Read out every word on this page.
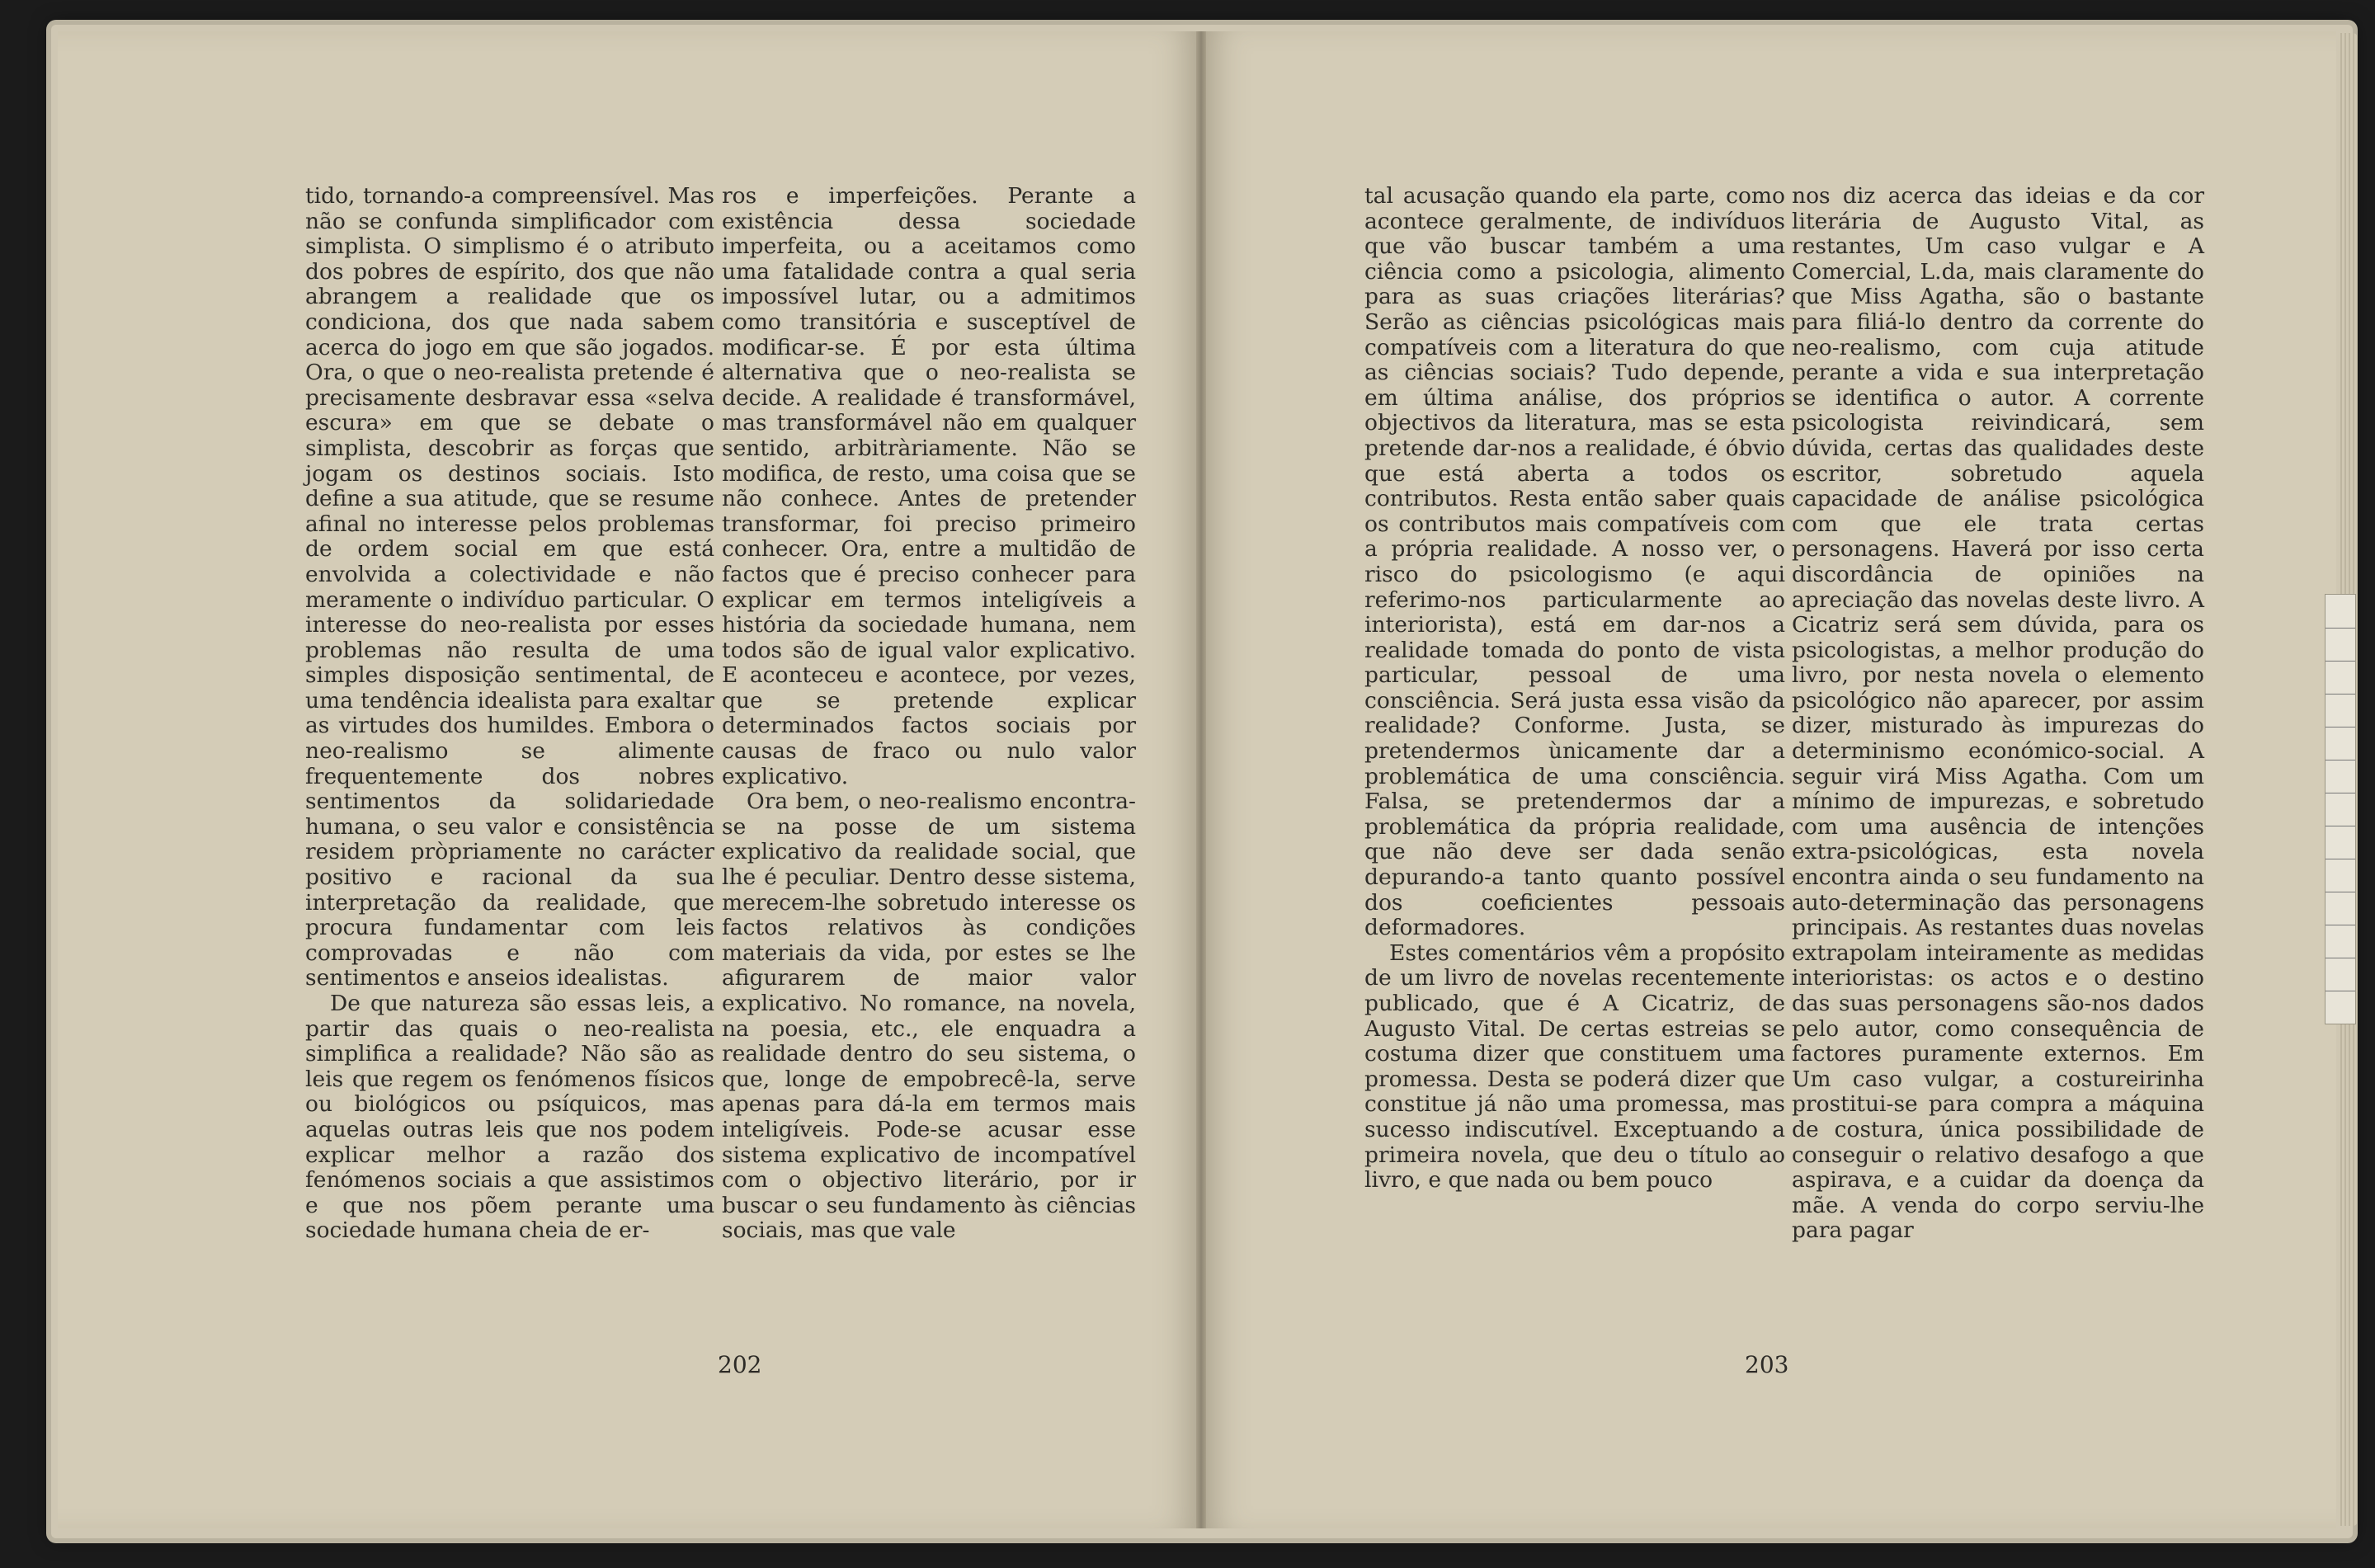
tido, tornando-a compreensível. Mas não se confunda simplificador com simplista. O simplismo é o atributo dos pobres de espírito, dos que não abrangem a realidade que os condiciona, dos que nada sabem acerca do jogo em que são jogados. Ora, o que o neo-realista pretende é precisamente desbravar essa «selva escura» em que se debate o simplista, descobrir as forças que jogam os destinos sociais. Isto define a sua atitude, que se resume afinal no interesse pelos problemas de ordem social em que está envolvida a colectividade e não meramente o indivíduo particular. O interesse do neo-realista por esses problemas não resulta de uma simples disposição sentimental, de uma tendência idealista para exaltar as virtudes dos humildes. Embora o neo-realismo se alimente frequentemente dos nobres sentimentos da solidariedade humana, o seu valor e consistência residem pròpriamente no carácter positivo e racional da sua interpretação da realidade, que procura fundamentar com leis comprovadas e não com sentimentos e anseios idealistas.

De que natureza são essas leis, a partir das quais o neo-realista simplifica a realidade? Não são as leis que regem os fenómenos físicos ou biológicos ou psíquicos, mas aquelas outras leis que nos podem explicar melhor a razão dos fenómenos sociais a que assistimos e que nos põem perante uma sociedade humana cheia de er-

ros e imperfeições. Perante a existência dessa sociedade imperfeita, ou a aceitamos como uma fatalidade contra a qual seria impossível lutar, ou a admitimos como transitória e susceptível de modificar-se. É por esta última alternativa que o neo-realista se decide. A realidade é transformável, mas transformável não em qualquer sentido, arbitràriamente. Não se modifica, de resto, uma coisa que se não conhece. Antes de pretender transformar, foi preciso primeiro conhecer. Ora, entre a multidão de factos que é preciso conhecer para explicar em termos inteligíveis a história da sociedade humana, nem todos são de igual valor explicativo. E aconteceu e acontece, por vezes, que se pretende explicar determinados factos sociais por causas de fraco ou nulo valor explicativo.

Ora bem, o neo-realismo encontra-se na posse de um sistema explicativo da realidade social, que lhe é peculiar. Dentro desse sistema, merecem-lhe sobretudo interesse os factos relativos às condições materiais da vida, por estes se lhe afigurarem de maior valor explicativo. No romance, na novela, na poesia, etc., ele enquadra a realidade dentro do seu sistema, o que, longe de empobrecê-la, serve apenas para dá-la em termos mais inteligíveis. Pode-se acusar esse sistema explicativo de incompatível com o objectivo literário, por ir buscar o seu fundamento às ciências sociais, mas que vale

202

tal acusação quando ela parte, como acontece geralmente, de indivíduos que vão buscar também a uma ciência como a psicologia, alimento para as suas criações literárias? Serão as ciências psicológicas mais compatíveis com a literatura do que as ciências sociais? Tudo depende, em última análise, dos próprios objectivos da literatura, mas se esta pretende dar-nos a realidade, é óbvio que está aberta a todos os contributos. Resta então saber quais os contributos mais compatíveis com a própria realidade. A nosso ver, o risco do psicologismo (e aqui referimo-nos particularmente ao interiorista), está em dar-nos a realidade tomada do ponto de vista particular, pessoal de uma consciência. Será justa essa visão da realidade? Conforme. Justa, se pretendermos ùnicamente dar a problemática de uma consciência. Falsa, se pretendermos dar a problemática da própria realidade, que não deve ser dada senão depurando-a tanto quanto possível dos coeficientes pessoais deformadores.

Estes comentários vêm a propósito de um livro de novelas recentemente publicado, que é A Cicatriz, de Augusto Vital. De certas estreias se costuma dizer que constituem uma promessa. Desta se poderá dizer que constitue já não uma promessa, mas sucesso indiscutível. Exceptuando a primeira novela, que deu o título ao livro, e que nada ou bem pouco

nos diz acerca das ideias e da cor literária de Augusto Vital, as restantes, Um caso vulgar e A Comercial, L.da, mais claramente do que Miss Agatha, são o bastante para filiá-lo dentro da corrente do neo-realismo, com cuja atitude perante a vida e sua interpretação se identifica o autor. A corrente psicologista reivindicará, sem dúvida, certas das qualidades deste escritor, sobretudo aquela capacidade de análise psicológica com que ele trata certas personagens. Haverá por isso certa discordância de opiniões na apreciação das novelas deste livro. A Cicatriz será sem dúvida, para os psicologistas, a melhor produção do livro, por nesta novela o elemento psicológico não aparecer, por assim dizer, misturado às impurezas do determinismo económico-social. A seguir virá Miss Agatha. Com um mínimo de impurezas, e sobretudo com uma ausência de intenções extra-psicológicas, esta novela encontra ainda o seu fundamento na auto-determinação das personagens principais. As restantes duas novelas extrapolam inteiramente as medidas interioristas: os actos e o destino das suas personagens são-nos dados pelo autor, como consequência de factores puramente externos. Em Um caso vulgar, a costureirinha prostitui-se para compra a máquina de costura, única possibilidade de conseguir o relativo desafogo a que aspirava, e a cuidar da doença da mãe. A venda do corpo serviu-lhe para pagar

203
